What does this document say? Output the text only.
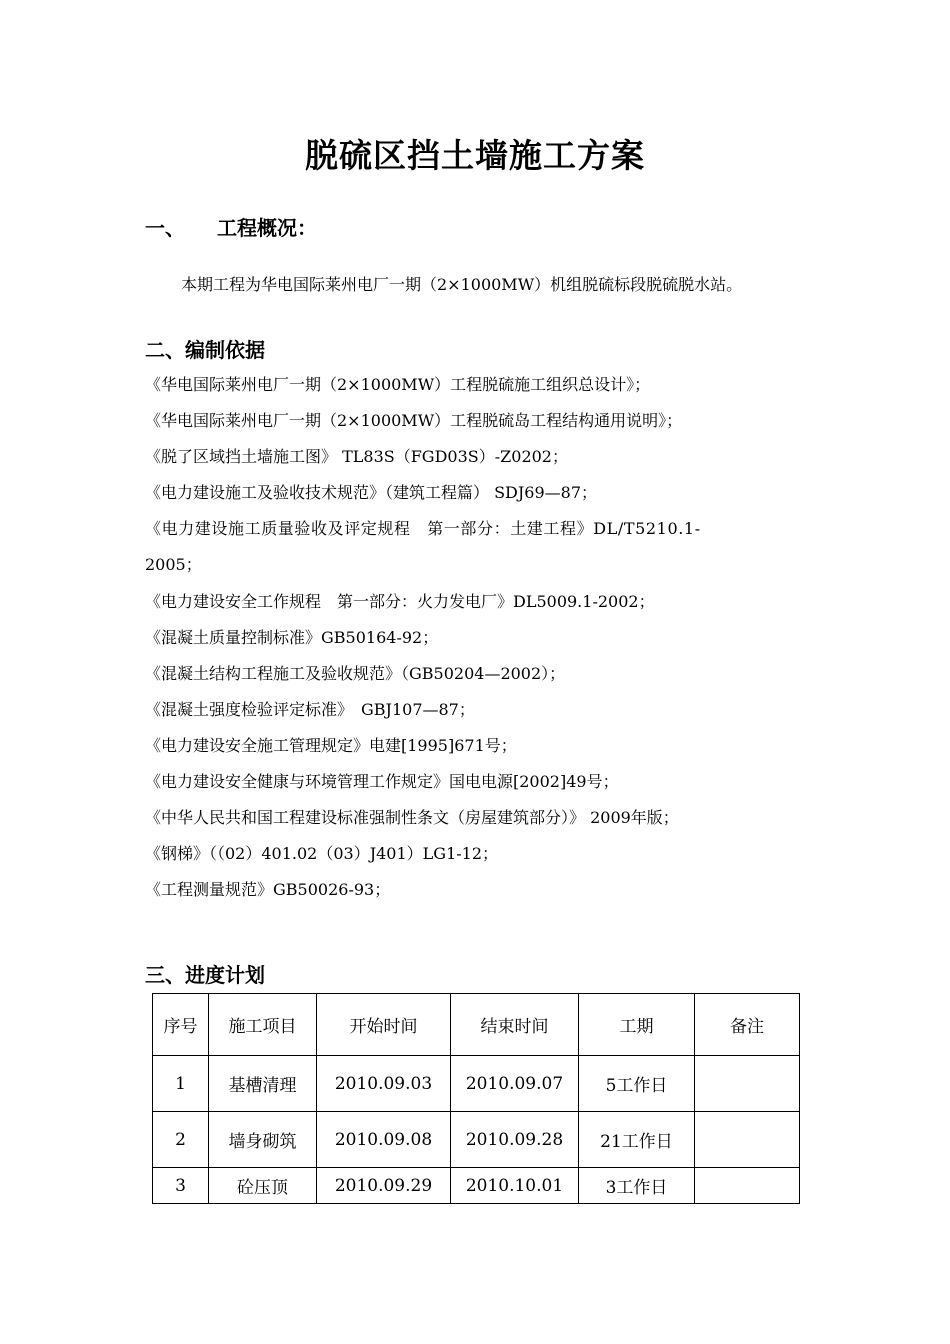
脱硫区挡土墙施工方案
一、 工程概况：
本期工程为华电国际莱州电厂一期（2×1000MW）机组脱硫标段脱硫脱水站。
二、编制依据
《华电国际莱州电厂一期（2×1000MW）工程脱硫施工组织总设计》；
《华电国际莱州电厂一期（2×1000MW）工程脱硫岛工程结构通用说明》；
《脱了区域挡土墙施工图》 TL83S（FGD03S）-Z0202；
《电力建设施工及验收技术规范》（建筑工程篇） SDJ69—87；
《电力建设施工质量验收及评定规程　第一部分：土建工程》DL/T5210.1-
2005；
《电力建设安全工作规程　第一部分：火力发电厂》DL5009.1-2002；
《混凝土质量控制标准》GB50164-92；
《混凝土结构工程施工及验收规范》（GB50204—2002）；
《混凝土强度检验评定标准》　GBJ107—87；
《电力建设安全施工管理规定》电建[1995]671号；
《电力建设安全健康与环境管理工作规定》国电电源[2002]49号；
《中华人民共和国工程建设标准强制性条文（房屋建筑部分）》 2009年版；
《钢梯》（（02）401.02（03）J401）LG1-12；
《工程测量规范》GB50026-93；
三、进度计划
序号	施工项目	开始时间	结束时间	工期	备注
1	基槽清理	2010.09.03	2010.09.07	5工作日	
2	墙身砌筑	2010.09.08	2010.09.28	21工作日	
3	砼压顶	2010.09.29	2010.10.01	3工作日	
